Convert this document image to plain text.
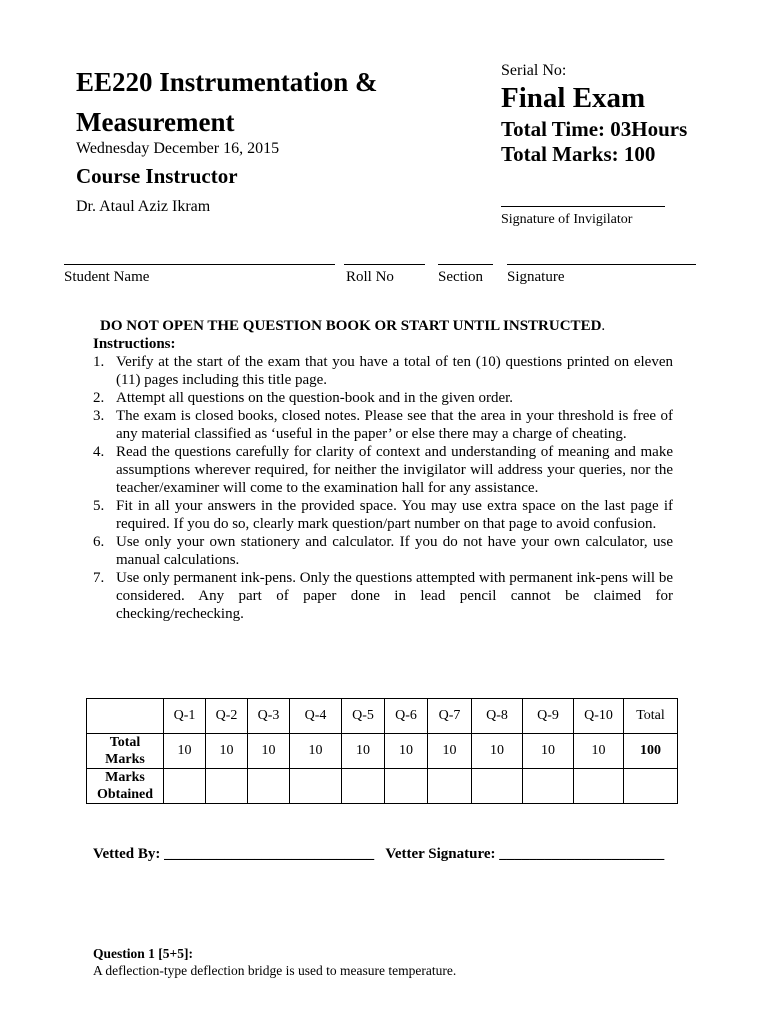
EE220 Instrumentation & Measurement
Wednesday December 16, 2015
Course Instructor
Dr. Ataul Aziz Ikram
Serial No:
Final Exam
Total Time: 03Hours
Total Marks: 100
Signature of Invigilator
Student Name	Roll No	Section Signature
DO NOT OPEN THE QUESTION BOOK OR START UNTIL INSTRUCTED.
Instructions:
1. Verify at the start of the exam that you have a total of ten (10) questions printed on eleven (11) pages including this title page.
2. Attempt all questions on the question-book and in the given order.
3. The exam is closed books, closed notes. Please see that the area in your threshold is free of any material classified as ‘useful in the paper’ or else there may a charge of cheating.
4. Read the questions carefully for clarity of context and understanding of meaning and make assumptions wherever required, for neither the invigilator will address your queries, nor the teacher/examiner will come to the examination hall for any assistance.
5. Fit in all your answers in the provided space. You may use extra space on the last page if required. If you do so, clearly mark question/part number on that page to avoid confusion.
6. Use only your own stationery and calculator. If you do not have your own calculator, use manual calculations.
7. Use only permanent ink-pens. Only the questions attempted with permanent ink-pens will be considered. Any part of paper done in lead pencil cannot be claimed for checking/rechecking.
	Q-1	Q-2	Q-3	Q-4	Q-5	Q-6	Q-7	Q-8	Q-9	Q-10	Total
Total
Marks	10	10	10	10	10	10	10	10	10	10	100
Marks
Obtained											
Vetted By: ____________________________ Vetter Signature: ______________________
Question 1 [5+5]:
A deflection-type deflection bridge is used to measure temperature.
